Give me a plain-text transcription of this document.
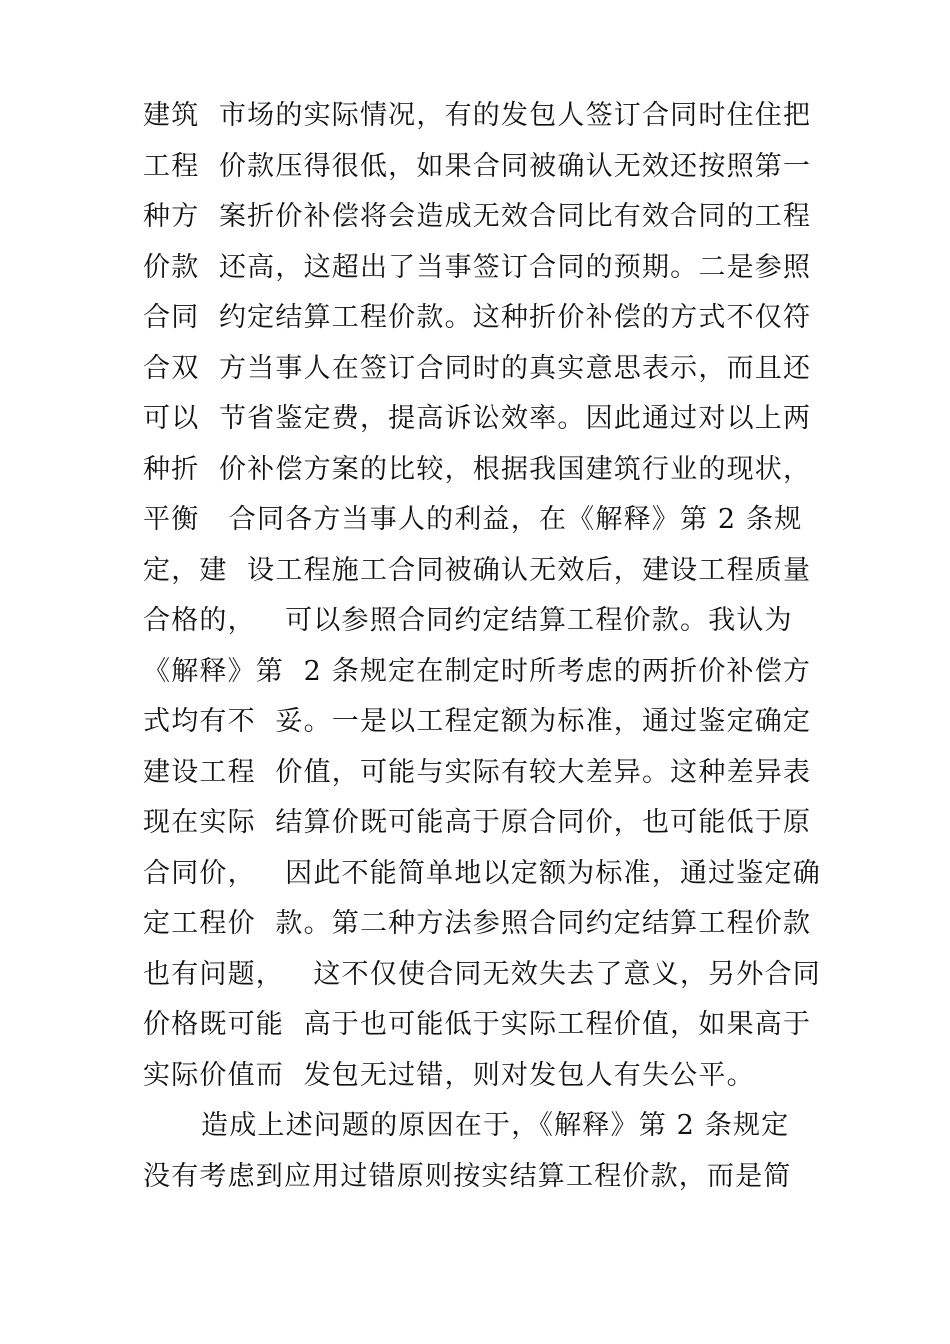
建筑  市场的实际情况，有的发包人签订合同时住住把
工程  价款压得很低，如果合同被确认无效还按照第一
种方  案折价补偿将会造成无效合同比有效合同的工程
价款  还高，这超出了当事签订合同的预期。二是参照
合同  约定结算工程价款。这种折价补偿的方式不仅符
合双  方当事人在签订合同时的真实意思表示，而且还
可以  节省鉴定费，提高诉讼效率。因此通过对以上两
种折  价补偿方案的比较，根据我国建筑行业的现状，
平衡   合同各方当事人的利益，在《解释》第 2 条规
定，建  设工程施工合同被确认无效后，建设工程质量
合格的，   可以参照合同约定结算工程价款。我认为
《解释》第  2 条规定在制定时所考虑的两折价补偿方
式均有不  妥。一是以工程定额为标准，通过鉴定确定
建设工程  价值，可能与实际有较大差异。这种差异表
现在实际  结算价既可能高于原合同价，也可能低于原
合同价，   因此不能简单地以定额为标准，通过鉴定确
定工程价  款。第二种方法参照合同约定结算工程价款
也有问题，   这不仅使合同无效失去了意义，另外合同
价格既可能  高于也可能低于实际工程价值，如果高于
实际价值而  发包无过错，则对发包人有失公平。
造成上述问题的原因在于，《解释》第 2 条规定
没有考虑到应用过错原则按实结算工程价款，而是简
